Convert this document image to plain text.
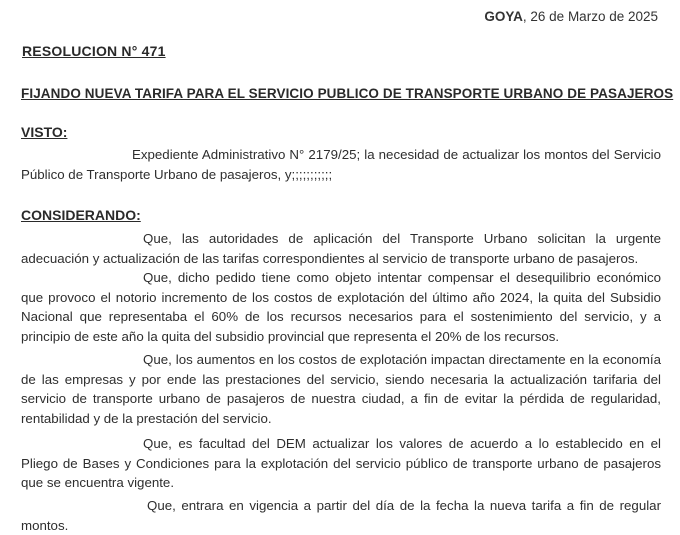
GOYA, 26 de Marzo de 2025
RESOLUCION N° 471
FIJANDO NUEVA TARIFA PARA EL SERVICIO PUBLICO DE TRANSPORTE URBANO DE PASAJEROS
VISTO:
Expediente Administrativo N° 2179/25; la necesidad de actualizar los montos del Servicio Público de Transporte Urbano de pasajeros, y;;;;;;;;;;;
CONSIDERANDO:
Que, las autoridades de aplicación del Transporte Urbano solicitan la urgente adecuación y actualización de las tarifas correspondientes al servicio de transporte urbano de pasajeros.
Que, dicho pedido tiene como objeto intentar compensar el desequilibrio económico que provoco el notorio incremento de los costos de explotación del último año 2024, la quita del Subsidio Nacional que representaba el 60% de los recursos necesarios para el sostenimiento del servicio, y a principio de este año la quita del subsidio provincial que representa el 20% de los recursos.
Que, los aumentos en los costos de explotación impactan directamente en la economía de las empresas y por ende las prestaciones del servicio, siendo necesaria la actualización tarifaria del servicio de transporte urbano de pasajeros de nuestra ciudad, a fin de evitar la pérdida de regularidad, rentabilidad y de la prestación del servicio.
Que, es facultad del DEM actualizar los valores de acuerdo a lo establecido en el Pliego de Bases y Condiciones para la explotación del servicio público de transporte urbano de pasajeros que se encuentra vigente.
Que, entrara en vigencia a partir del día de la fecha la nueva tarifa a fin de regular montos.
